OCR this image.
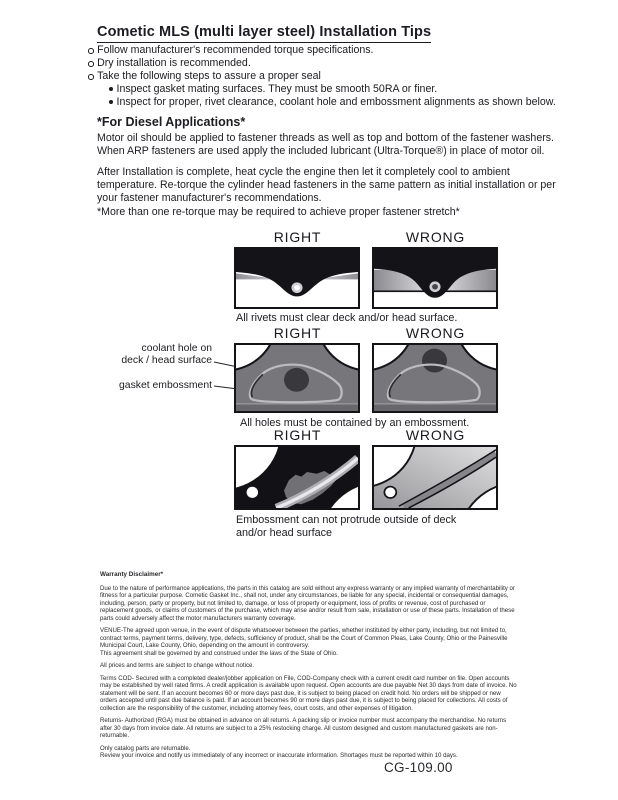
Cometic MLS (multi layer steel) Installation Tips
Follow manufacturer's recommended torque specifications.
Dry installation is recommended.
Take the following steps to assure a proper seal
Inspect gasket mating surfaces. They must be smooth 50RA or finer.
Inspect for proper, rivet clearance, coolant hole and embossment alignments as shown below.
*For Diesel Applications*
Motor oil should be applied to fastener threads as well as top and bottom of the fastener washers. When ARP fasteners are used apply the included lubricant (Ultra-Torque®) in place of motor oil.
After Installation is complete, heat cycle the engine then let it completely cool to ambient temperature. Re-torque the cylinder head fasteners in the same pattern as initial installation or per your fastener manufacturer's recommendations.
*More than one re-torque may be required to achieve proper fastener stretch*
RIGHT	WRONG
All rivets must clear deck and/or head surface.
coolant hole on
deck / head surface
gasket embossment
RIGHT	WRONG
All holes must be contained by an embossment.
RIGHT	WRONG
Embossment can not protrude outside of deck and/or head surface
Warranty Disclaimer*

Due to the nature of performance applications, the parts in this catalog are sold without any express warranty or any implied warranty of merchantability or fitness for a particular purpose. Cometic Gasket Inc., shall not, under any circumstances, be liable for any special, incidental or consequential damages, including, person, party or property, but not limited to, damage, or loss of property or equipment, loss of profits or revenue, cost of purchased or replacement goods, or claims of customers of the purchase, which may arise and/or result from sale, installation or use of these parts. Installation of these parts could adversely affect the motor manufacturers warranty coverage.

VENUE-The agreed upon venue, in the event of dispute whatsoever between the parties, whether instituted by either party, including, but not limited to, contract terms, payment terms, delivery, type, defects, sufficiency of product, shall be the Court of Common Pleas, Lake County, Ohio or the Painesville Municipal Court, Lake County, Ohio, depending on the amount in controversy.

This agreement shall be governed by and construed under the laws of the State of Ohio.

All prices and terms are subject to change without notice.

Terms COD- Secured with a completed dealer/jobber application on File, COD-Company check with a current credit card number on file. Open accounts may be established by well rated firms. A credit application is available upon request. Open accounts are due payable Net 30 days from date of invoice. No statement will be sent. If an account becomes 60 or more days past due, it is subject to being placed on credit hold. No orders will be shipped or new orders accepted until past due balance is paid. If an account becomes 90 or more days past due, it is subject to being placed for collections. All costs of collection are the responsibility of the customer, including attorney fees, court costs, and other expenses of litigation.

Returns- Authorized (RGA) must be obtained in advance on all returns. A packing slip or invoice number must accompany the merchandise. No returns after 30 days from invoice date. All returns are subject to a 25% restocking charge. All custom designed and custom manufactured gaskets are non-returnable.

Only catalog parts are returnable.

Review your invoice and notify us immediately of any incorrect or inaccurate information. Shortages must be reported within 10 days.

CG-109.00
